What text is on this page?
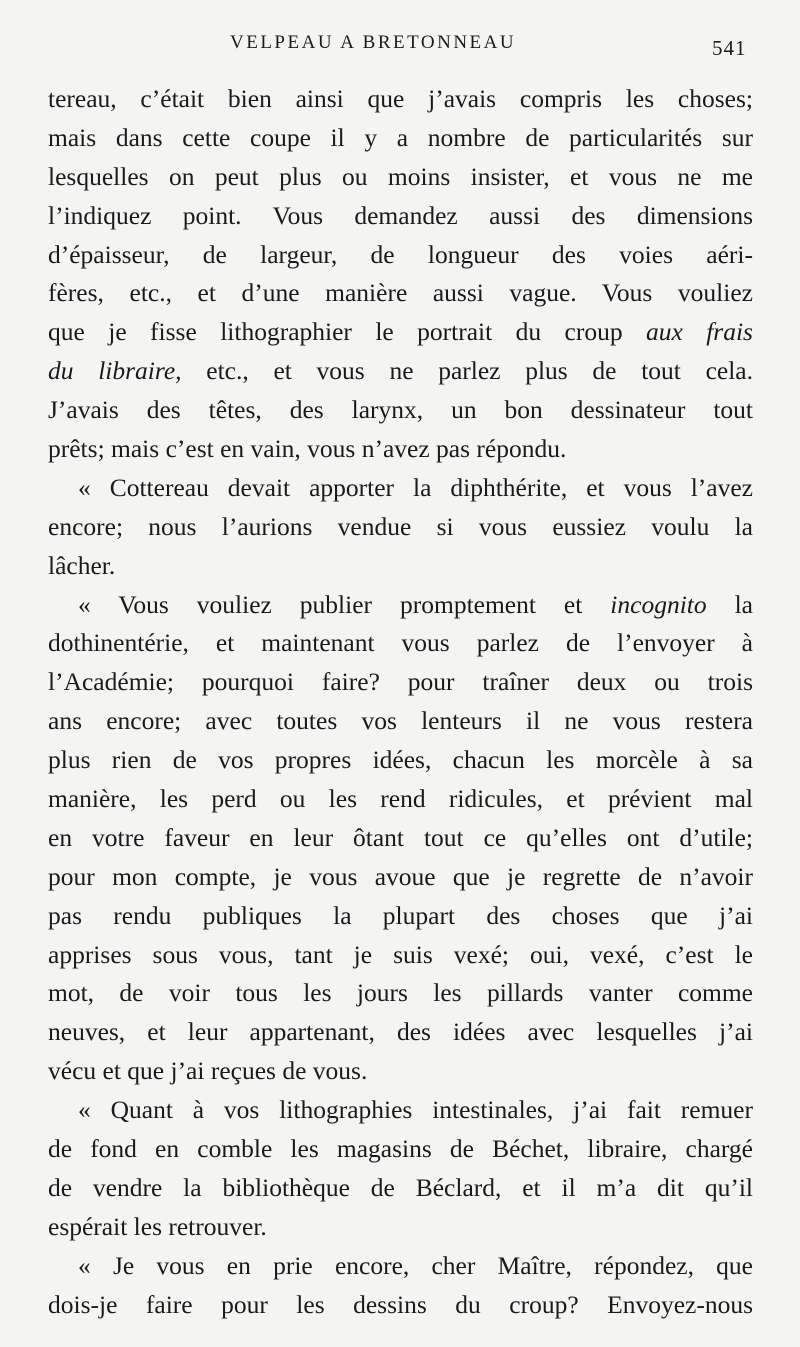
VELPEAU A BRETONNEAU	541
tereau, c’était bien ainsi que j’avais compris les choses;
mais dans cette coupe il y a nombre de particularités sur
lesquelles on peut plus ou moins insister, et vous ne me
l’indiquez point. Vous demandez aussi des dimensions
d’épaisseur, de largeur, de longueur des voies aéri-
fères, etc., et d’une manière aussi vague. Vous vouliez
que je fisse lithographier le portrait du croup aux frais
du libraire, etc., et vous ne parlez plus de tout cela.
J’avais des têtes, des larynx, un bon dessinateur tout
prêts; mais c’est en vain, vous n’avez pas répondu.
« Cottereau devait apporter la diphthérite, et vous l’avez
encore; nous l’aurions vendue si vous eussiez voulu la
lâcher.
« Vous vouliez publier promptement et incognito la
dothinentérie, et maintenant vous parlez de l’envoyer à
l’Académie; pourquoi faire? pour traîner deux ou trois
ans encore; avec toutes vos lenteurs il ne vous restera
plus rien de vos propres idées, chacun les morcèle à sa
manière, les perd ou les rend ridicules, et prévient mal
en votre faveur en leur ôtant tout ce qu’elles ont d’utile;
pour mon compte, je vous avoue que je regrette de n’avoir
pas rendu publiques la plupart des choses que j’ai
apprises sous vous, tant je suis vexé; oui, vexé, c’est le
mot, de voir tous les jours les pillards vanter comme
neuves, et leur appartenant, des idées avec lesquelles j’ai
vécu et que j’ai reçues de vous.
« Quant à vos lithographies intestinales, j’ai fait remuer
de fond en comble les magasins de Béchet, libraire, chargé
de vendre la bibliothèque de Béclard, et il m’a dit qu’il
espérait les retrouver.
« Je vous en prie encore, cher Maître, répondez, que
dois-je faire pour les dessins du croup? Envoyez-nous
